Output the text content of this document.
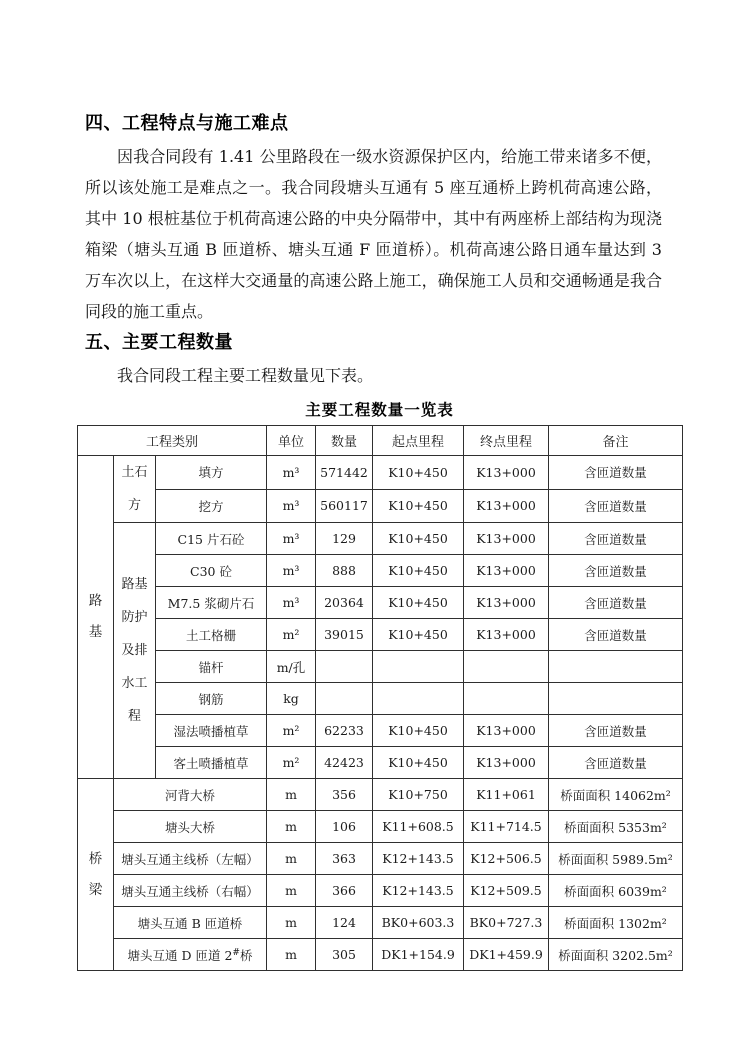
四、工程特点与施工难点

因我合同段有 1.41 公里路段在一级水资源保护区内，给施工带来诸多不便，所以该处施工是难点之一。我合同段塘头互通有 5 座互通桥上跨机荷高速公路，其中 10 根桩基位于机荷高速公路的中央分隔带中，其中有两座桥上部结构为现浇箱梁（塘头互通 B 匝道桥、塘头互通 F 匝道桥）。机荷高速公路日通车量达到 3 万车次以上，在这样大交通量的高速公路上施工，确保施工人员和交通畅通是我合同段的施工重点。

五、主要工程数量

我合同段工程主要工程数量见下表。

主要工程数量一览表
工程类别			单位	数量	起点里程	终点里程	备注

路
基	土石方	填方	m³	571442	K10+450	K13+000	含匝道数量
		挖方	m³	560117	K10+450	K13+000	含匝道数量
	路基防护及排水工程	C15 片石砼	m³	129	K10+450	K13+000	含匝道数量
		C30 砼	m³	888	K10+450	K13+000	含匝道数量
		M7.5 浆砌片石	m³	20364	K10+450	K13+000	含匝道数量
		土工格栅	m²	39015	K10+450	K13+000	含匝道数量
		锚杆	m/孔				
		钢筋	kg				
		湿法喷播植草	m²	62233	K10+450	K13+000	含匝道数量
		客土喷播植草	m²	42423	K10+450	K13+000	含匝道数量

桥
梁	河背大桥		m	356	K10+750	K11+061	桥面面积 14062m²
	塘头大桥		m	106	K11+608.5	K11+714.5	桥面面积 5353m²
	塘头互通主线桥（左幅）		m	363	K12+143.5	K12+506.5	桥面面积 5989.5m²
	塘头互通主线桥（右幅）		m	366	K12+143.5	K12+509.5	桥面面积 6039m²
	塘头互通 B 匝道桥		m	124	BK0+603.3	BK0+727.3	桥面面积 1302m²
	塘头互通 D 匝道 2#桥		m	305	DK1+154.9	DK1+459.9	桥面面积 3202.5m²
